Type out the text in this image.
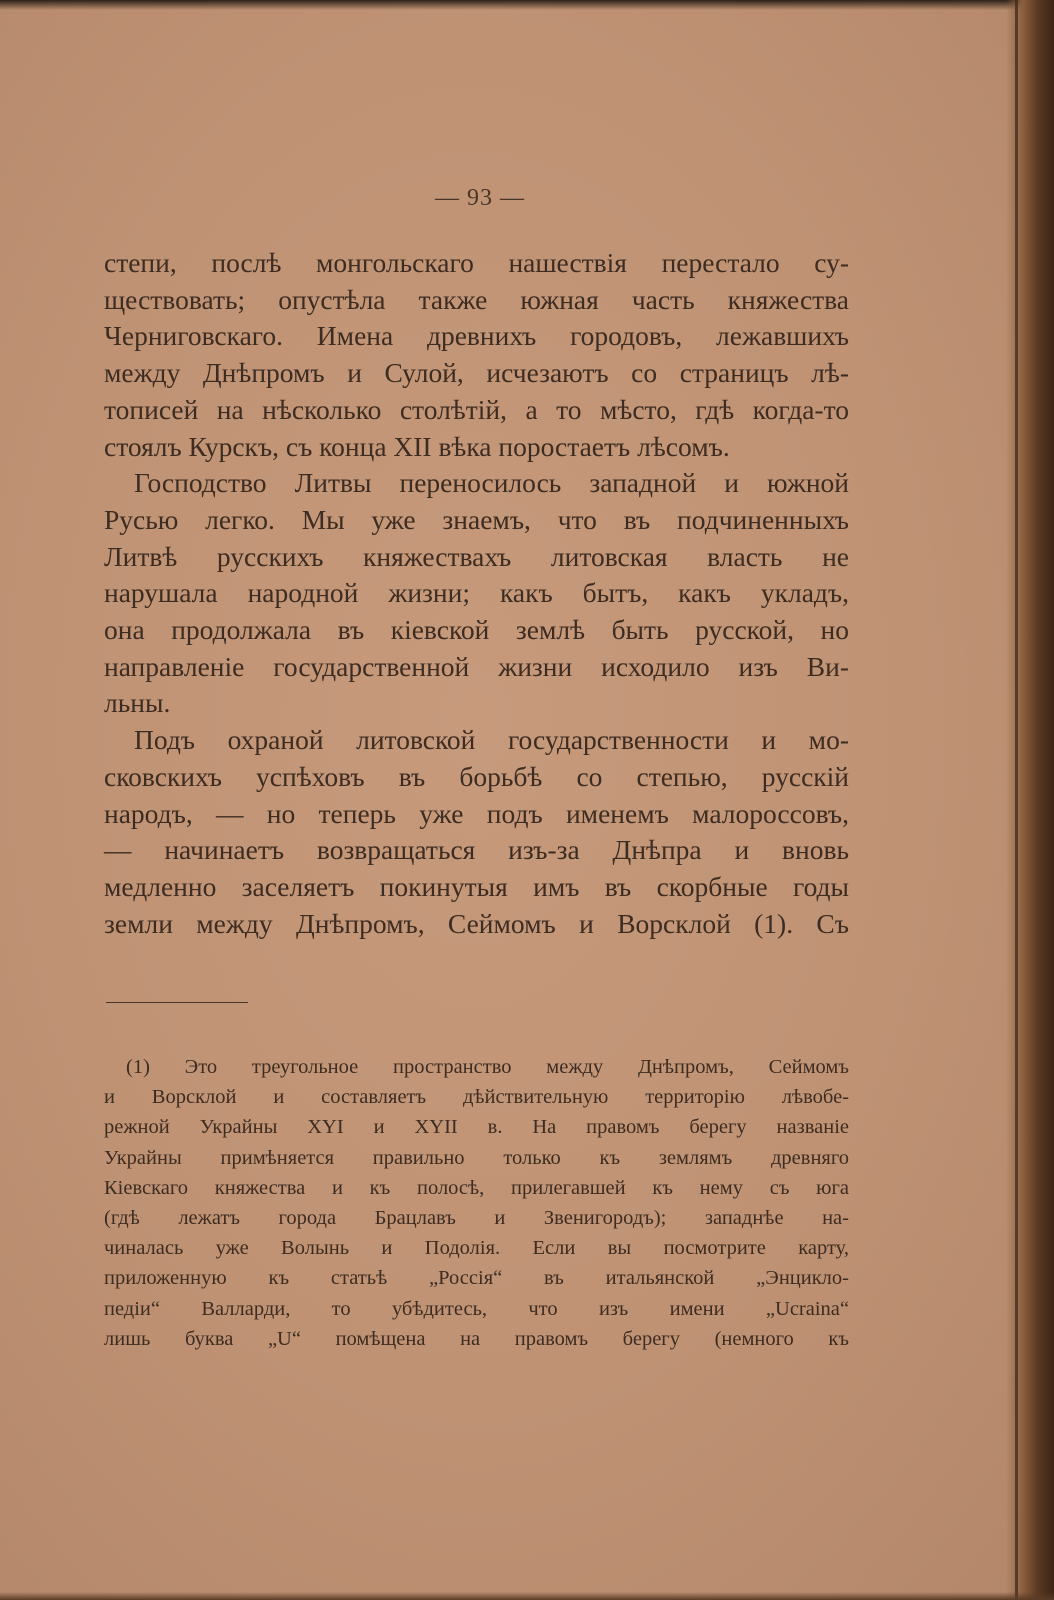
— 93 —
степи, послѣ монгольскаго нашествія перестало су-
ществовать; опустѣла также южная часть княжества
Черниговскаго. Имена древнихъ городовъ, лежавшихъ
между Днѣпромъ и Сулой, исчезаютъ со страницъ лѣ-
тописей на нѣсколько столѣтій, а то мѣсто, гдѣ когда-то
стоялъ Курскъ, съ конца XII вѣка поростаетъ лѣсомъ.
Господство Литвы переносилось западной и южной
Русью легко. Мы уже знаемъ, что въ подчиненныхъ
Литвѣ русскихъ княжествахъ литовская власть не
нарушала народной жизни; какъ бытъ, какъ укладъ,
она продолжала въ кіевской землѣ быть русской, но
направленіе государственной жизни исходило изъ Ви-
льны.
Подъ охраной литовской государственности и мо-
сковскихъ успѣховъ въ борьбѣ со степью, русскій
народъ, — но теперь уже подъ именемъ малороссовъ,
— начинаетъ возвращаться изъ-за Днѣпра и вновь
медленно заселяетъ покинутыя имъ въ скорбные годы
земли между Днѣпромъ, Сеймомъ и Ворсклой (1). Съ
(1) Это треугольное пространство между Днѣпромъ, Сеймомъ
и Ворсклой и составляетъ дѣйствительную территорію лѣвобе-
режной Украйны XYI и XYII в. На правомъ берегу названіе
Украйны примѣняется правильно только къ землямъ древняго
Кіевскаго княжества и къ полосѣ, прилегавшей къ нему съ юга
(гдѣ лежатъ города Брацлавъ и Звенигородъ); западнѣе на-
чиналась уже Волынь и Подолія. Если вы посмотрите карту,
приложенную къ статьѣ „Россія“ въ итальянской „Энцикло-
педіи“ Валларди, то убѣдитесь, что изъ имени „Ucraina“
лишь буква „U“ помѣщена на правомъ берегу (немного къ
